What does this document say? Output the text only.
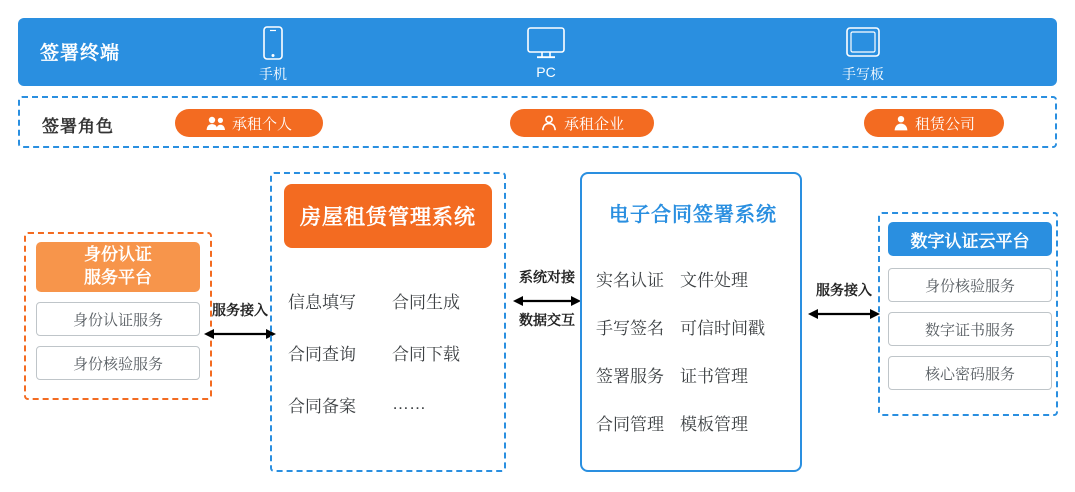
签署终端
手机	PC	手写板
签署角色	承租个人	承租企业	租赁公司
身份认证
服务平台
身份认证服务
身份核验服务
服务接入
房屋租赁管理系统
信息填写	合同生成
合同查询	合同下载
合同备案	……
系统对接
数据交互
电子合同签署系统
实名认证 文件处理
手写签名 可信时间戳
签署服务 证书管理
合同管理 模板管理
服务接入
数字认证云平台
身份核验服务
数字证书服务
核心密码服务
